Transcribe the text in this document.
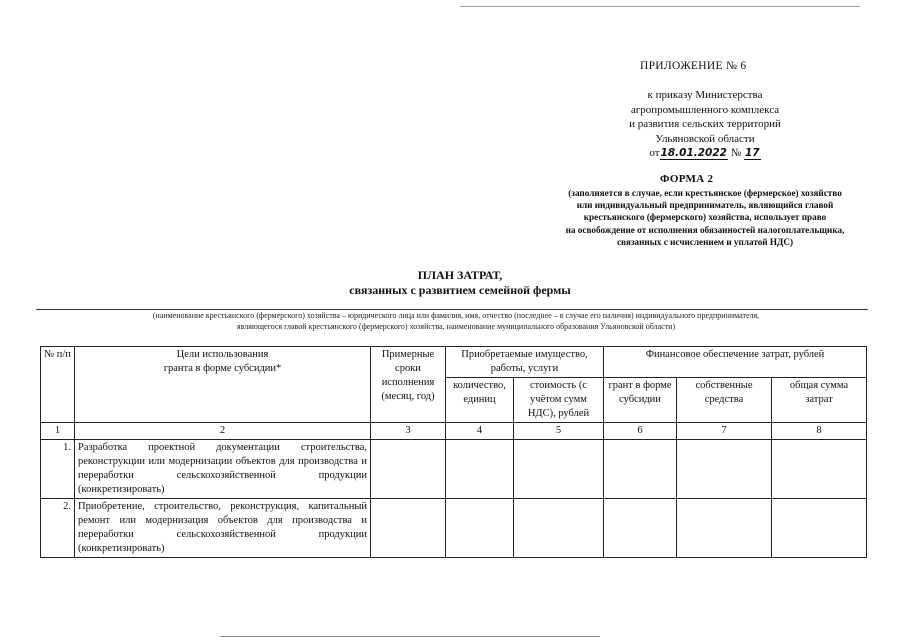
ПРИЛОЖЕНИЕ № 6
к приказу Министерства
агропромышленного комплекса
и развития сельских территорий
Ульяновской области
от18.01.2022 № 17
ФОРМА 2
(заполняется в случае, если крестьянское (фермерское) хозяйство
или индивидуальный предприниматель, являющийся главой
крестьянского (фермерского) хозяйства, использует право
на освобождение от исполнения обязанностей налогоплательщика,
связанных с исчислением и уплатой НДС)
ПЛАН ЗАТРАТ,
связанных с развитием семейной фермы
(наименование крестьянского (фермерского) хозяйства – юридического лица или фамилия, имя, отчество (последнее – в случае его наличия) индивидуального предпринимателя,
являющегося главой крестьянского (фермерского) хозяйства, наименование муниципального образования Ульяновской области)
№ п/п	Цели использования
гранта в форме субсидии*	Примерные сроки исполнения (месяц, год)	Приобретаемые имущество, работы, услуги		Финансовое обеспечение затрат, рублей		
			количество, единиц	стоимость (с учётом сумм НДС), рублей	грант в форме субсидии	собственные средства	общая сумма затрат

1	2	3	4	5	6	7	8
1.	Разработка проектной документации строительства, реконструкции или модернизации объектов для производства и переработки сельскохозяйственной продукции (конкретизировать)						
2.	Приобретение, строительство, реконструкция, капитальный ремонт или модернизация объектов для производства и переработки сельскохозяйственной продукции (конкретизировать)						
